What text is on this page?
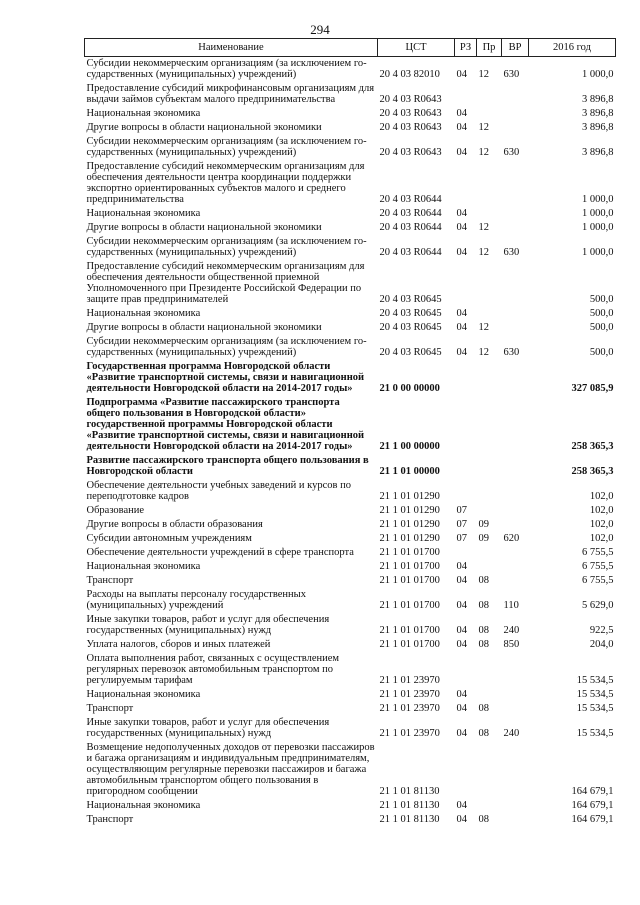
294
Наименование	ЦСТ	РЗ	Пр	ВР	2016 год
Субсидии некоммерческим организациям (за исключением го-сударственных (муниципальных) учреждений)	20 4 03 82010	04	12	630	1 000,0
Предоставление субсидий микрофинансовым организациям для выдачи займов субъектам малого предпринимательства	20 4 03 R0643				3 896,8
Национальная экономика	20 4 03 R0643	04			3 896,8
Другие вопросы в области национальной экономики	20 4 03 R0643	04	12		3 896,8
Субсидии некоммерческим организациям (за исключением го-сударственных (муниципальных) учреждений)	20 4 03 R0643	04	12	630	3 896,8
Предоставление субсидий некоммерческим организациям для обеспечения деятельности центра координации поддержки экспортно ориентированных субъектов малого и среднего предпринимательства	20 4 03 R0644				1 000,0
Национальная экономика	20 4 03 R0644	04			1 000,0
Другие вопросы в области национальной экономики	20 4 03 R0644	04	12		1 000,0
Субсидии некоммерческим организациям (за исключением го-сударственных (муниципальных) учреждений)	20 4 03 R0644	04	12	630	1 000,0
Предоставление субсидий некоммерческим организациям для обеспечения деятельности общественной приемной Уполномоченного при Президенте Российской Федерации по защите прав предпринимателей	20 4 03 R0645				500,0
Национальная экономика	20 4 03 R0645	04			500,0
Другие вопросы в области национальной экономики	20 4 03 R0645	04	12		500,0
Субсидии некоммерческим организациям (за исключением го-сударственных (муниципальных) учреждений)	20 4 03 R0645	04	12	630	500,0
Государственная программа Новгородской области «Развитие транспортной системы, связи и навигационной деятельности Новгородской области на 2014-2017 годы»	21 0 00 00000				327 085,9
Подпрограмма «Развитие пассажирского транспорта общего пользования в Новгородской области» государственной программы Новгородской области «Развитие транспортной системы, связи и навигационной деятельности Новгородской области на 2014-2017 годы»	21 1 00 00000				258 365,3
Развитие пассажирского транспорта общего пользования в Новгородской области	21 1 01 00000				258 365,3
Обеспечение деятельности учебных заведений и курсов по переподготовке кадров	21 1 01 01290				102,0
Образование	21 1 01 01290	07			102,0
Другие вопросы в области образования	21 1 01 01290	07	09		102,0
Субсидии автономным учреждениям	21 1 01 01290	07	09	620	102,0
Обеспечение деятельности учреждений в сфере транспорта	21 1 01 01700				6 755,5
Национальная экономика	21 1 01 01700	04			6 755,5
Транспорт	21 1 01 01700	04	08		6 755,5
Расходы на выплаты персоналу государственных (муниципальных) учреждений	21 1 01 01700	04	08	110	5 629,0
Иные закупки товаров, работ и услуг для обеспечения государственных (муниципальных) нужд	21 1 01 01700	04	08	240	922,5
Уплата налогов, сборов и иных платежей	21 1 01 01700	04	08	850	204,0
Оплата выполнения работ, связанных с осуществлением регулярных перевозок автомобильным транспортом по регулируемым тарифам	21 1 01 23970				15 534,5
Национальная экономика	21 1 01 23970	04			15 534,5
Транспорт	21 1 01 23970	04	08		15 534,5
Иные закупки товаров, работ и услуг для обеспечения государственных (муниципальных) нужд	21 1 01 23970	04	08	240	15 534,5
Возмещение недополученных доходов от перевозки пассажиров и багажа организациям и индивидуальным предпринимателям, осуществляющим регулярные перевозки пассажиров и багажа автомобильным транспортом общего пользования в пригородном сообщении	21 1 01 81130				164 679,1
Национальная экономика	21 1 01 81130	04			164 679,1
Транспорт	21 1 01 81130	04	08		164 679,1
